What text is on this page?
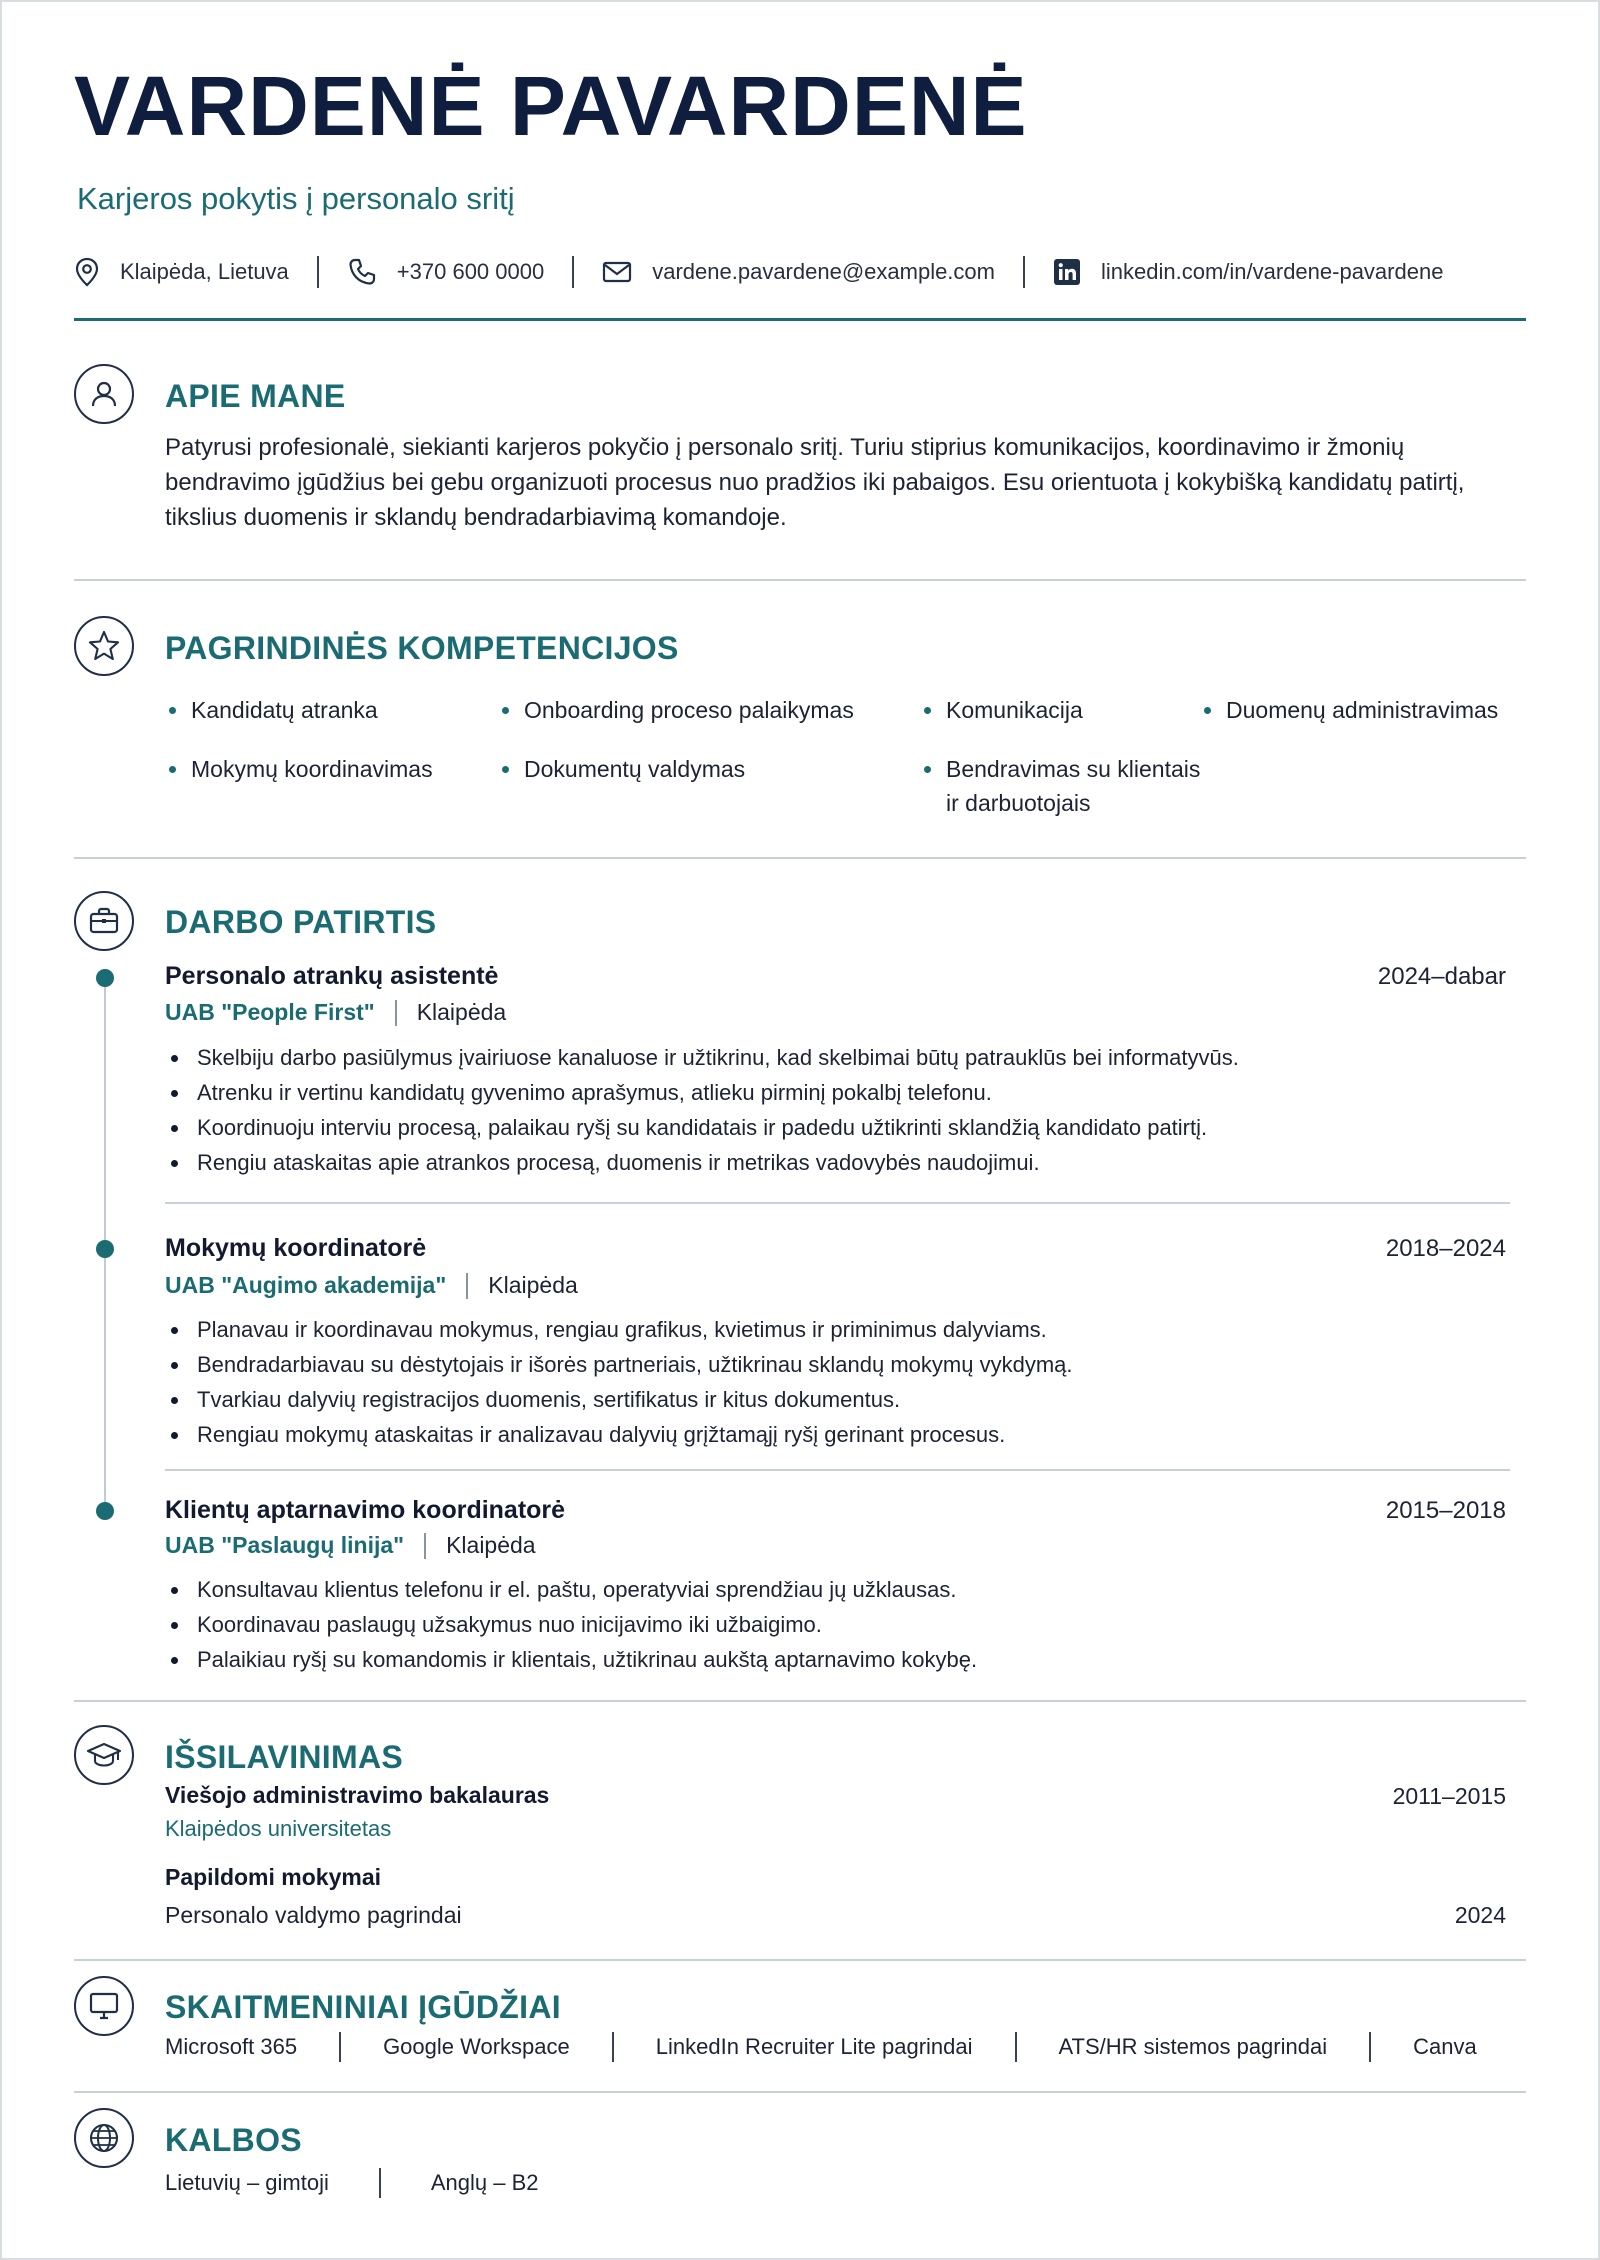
VARDENĖ PAVARDENĖ
Karjeros pokytis į personalo sritį
Klaipėda, Lietuva	+370 600 0000	vardene.pavardene@example.com	linkedin.com/in/vardene-pavardene
APIE MANE
Patyrusi profesionalė, siekianti karjeros pokyčio į personalo sritį. Turiu stiprius komunikacijos, koordinavimo ir žmonių bendravimo įgūdžius bei gebu organizuoti procesus nuo pradžios iki pabaigos. Esu orientuota į kokybišką kandidatų patirtį, tikslius duomenis ir sklandų bendradarbiavimą komandoje.
PAGRINDINĖS KOMPETENCIJOS
Kandidatų atranka	Onboarding proceso palaikymas	Komunikacija	Duomenų administravimas
Mokymų koordinavimas	Dokumentų valdymas	Bendravimas su klientais
ir darbuotojais
DARBO PATIRTIS
Personalo atrankų asistentė	2024–dabar
UAB "People First" Klaipėda
Skelbiju darbo pasiūlymus įvairiuose kanaluose ir užtikrinu, kad skelbimai būtų patrauklūs bei informatyvūs.
Atrenku ir vertinu kandidatų gyvenimo aprašymus, atlieku pirminį pokalbį telefonu.
Koordinuoju interviu procesą, palaikau ryšį su kandidatais ir padedu užtikrinti sklandžią kandidato patirtį.
Rengiu ataskaitas apie atrankos procesą, duomenis ir metrikas vadovybės naudojimui.
Mokymų koordinatorė	2018–2024
UAB "Augimo akademija" Klaipėda
Planavau ir koordinavau mokymus, rengiau grafikus, kvietimus ir priminimus dalyviams.
Bendradarbiavau su dėstytojais ir išorės partneriais, užtikrinau sklandų mokymų vykdymą.
Tvarkiau dalyvių registracijos duomenis, sertifikatus ir kitus dokumentus.
Rengiau mokymų ataskaitas ir analizavau dalyvių grįžtamąjį ryšį gerinant procesus.
Klientų aptarnavimo koordinatorė	2015–2018
UAB "Paslaugų linija" Klaipėda
Konsultavau klientus telefonu ir el. paštu, operatyviai sprendžiau jų užklausas.
Koordinavau paslaugų užsakymus nuo inicijavimo iki užbaigimo.
Palaikiau ryšį su komandomis ir klientais, užtikrinau aukštą aptarnavimo kokybę.
IŠSILAVINIMAS
Viešojo administravimo bakalauras	2011–2015
Klaipėdos universitetas
Papildomi mokymai
Personalo valdymo pagrindai	2024
SKAITMENINIAI ĮGŪDŽIAI
Microsoft 365	Google Workspace	LinkedIn Recruiter Lite pagrindai	ATS/HR sistemos pagrindai	Canva
KALBOS
Lietuvių – gimtoji	Anglų – B2
